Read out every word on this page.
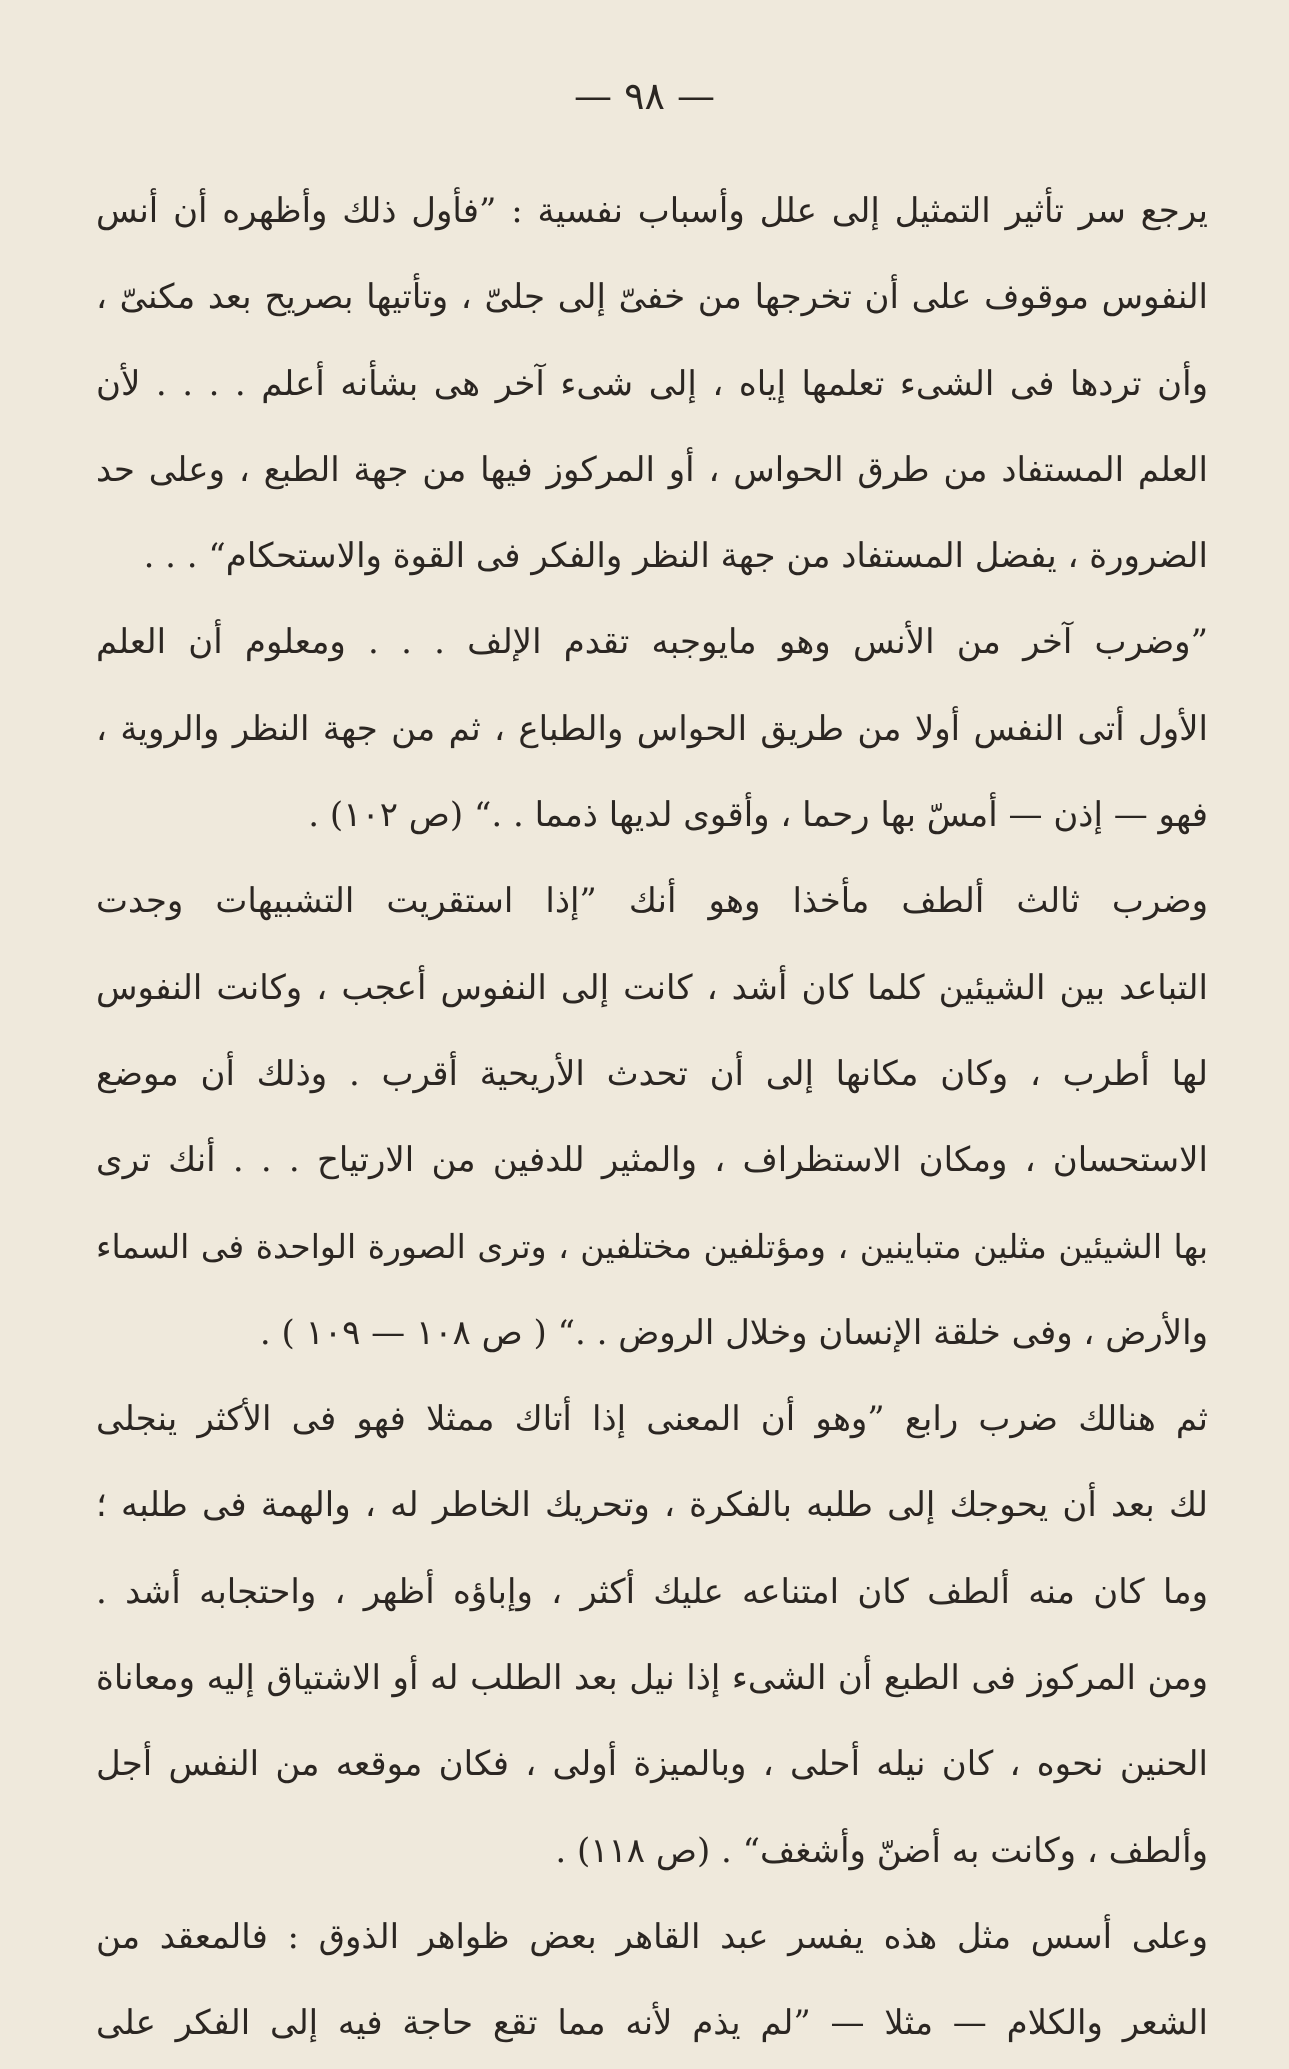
— ٩٨ —
يرجع سر تأثير التمثيل إلى علل وأسباب نفسية : ”فأول ذلك وأظهره أن أنس
النفوس موقوف على أن تخرجها من خفىّ إلى جلىّ ، وتأتيها بصريح بعد مكنىّ ،
وأن تردها فى الشىء تعلمها إياه ، إلى شىء آخر هى بشأنه أعلم . . . . لأن
العلم المستفاد من طرق الحواس ، أو المركوز فيها من جهة الطبع ، وعلى حد
الضرورة ، يفضل المستفاد من جهة النظر والفكر فى القوة والاستحكام“ . . .
”وضرب آخر من الأنس وهو مايوجبه تقدم الإلف . . . ومعلوم أن العلم
الأول أتى النفس أولا من طريق الحواس والطباع ، ثم من جهة النظر والروية ،
فهو — إذن — أمسّ بها رحما ، وأقوى لديها ذمما . .“ (ص ١٠٢) .
وضرب ثالث ألطف مأخذا وهو أنك ”إذا استقريت التشبيهات وجدت
التباعد بين الشيئين كلما كان أشد ، كانت إلى النفوس أعجب ، وكانت النفوس
لها أطرب ، وكان مكانها إلى أن تحدث الأريحية أقرب . وذلك أن موضع
الاستحسان ، ومكان الاستظراف ، والمثير للدفين من الارتياح . . . أنك ترى
بها الشيئين مثلين متباينين ، ومؤتلفين مختلفين ، وترى الصورة الواحدة فى السماء
والأرض ، وفى خلقة الإنسان وخلال الروض . .“ ( ص ١٠٨ — ١٠٩ ) .
ثم هنالك ضرب رابع ”وهو أن المعنى إذا أتاك ممثلا فهو فى الأكثر ينجلى
لك بعد أن يحوجك إلى طلبه بالفكرة ، وتحريك الخاطر له ، والهمة فى طلبه ؛
وما كان منه ألطف كان امتناعه عليك أكثر ، وإباؤه أظهر ، واحتجابه أشد .
ومن المركوز فى الطبع أن الشىء إذا نيل بعد الطلب له أو الاشتياق إليه ومعاناة
الحنين نحوه ، كان نيله أحلى ، وبالميزة أولى ، فكان موقعه من النفس أجل
وألطف ، وكانت به أضنّ وأشغف“ . (ص ١١٨) .
وعلى أسس مثل هذه يفسر عبد القاهر بعض ظواهر الذوق : فالمعقد من
الشعر والكلام — مثلا — ”لم يذم لأنه مما تقع حاجة فيه إلى الفكر على
